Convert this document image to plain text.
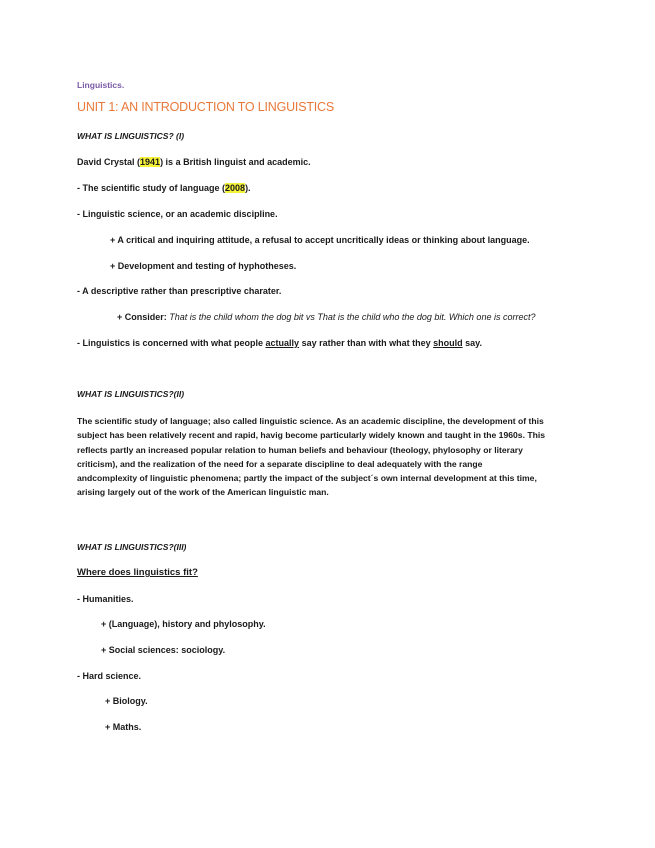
Linguistics.
UNIT 1: AN INTRODUCTION TO LINGUISTICS
WHAT IS LINGUISTICS? (I)
David Crystal (1941) is a British linguist and academic.
- The scientific study of language (2008).
- Linguistic science, or an academic discipline.
+ A critical and inquiring attitude, a refusal to accept uncritically ideas or thinking about language.
+ Development and testing of hyphotheses.
- A descriptive rather than prescriptive charater.
+ Consider: That is the child whom the dog bit vs That is the child who the dog bit. Which one is correct?
- Linguistics is concerned with what people actually say rather than with what they should say.
WHAT IS LINGUISTICS?(II)
The scientific study of language; also called linguistic science. As an academic discipline, the development of this
subject has been relatively recent and rapid, havig become particularly widely known and taught in the 1960s. This
reflects partly an increased popular relation to human beliefs and behaviour (theology, phylosophy or literary
criticism), and the realization of the need for a separate discipline to deal adequately with the range
andcomplexity of linguistic phenomena; partly the impact of the subject´s own internal development at this time,
arising largely out of the work of the American linguistic man.
WHAT IS LINGUISTICS?(III)
Where does linguistics fit?
- Humanities.
+ (Language), history and phylosophy.
+ Social sciences: sociology.
- Hard science.
+ Biology.
+ Maths.
